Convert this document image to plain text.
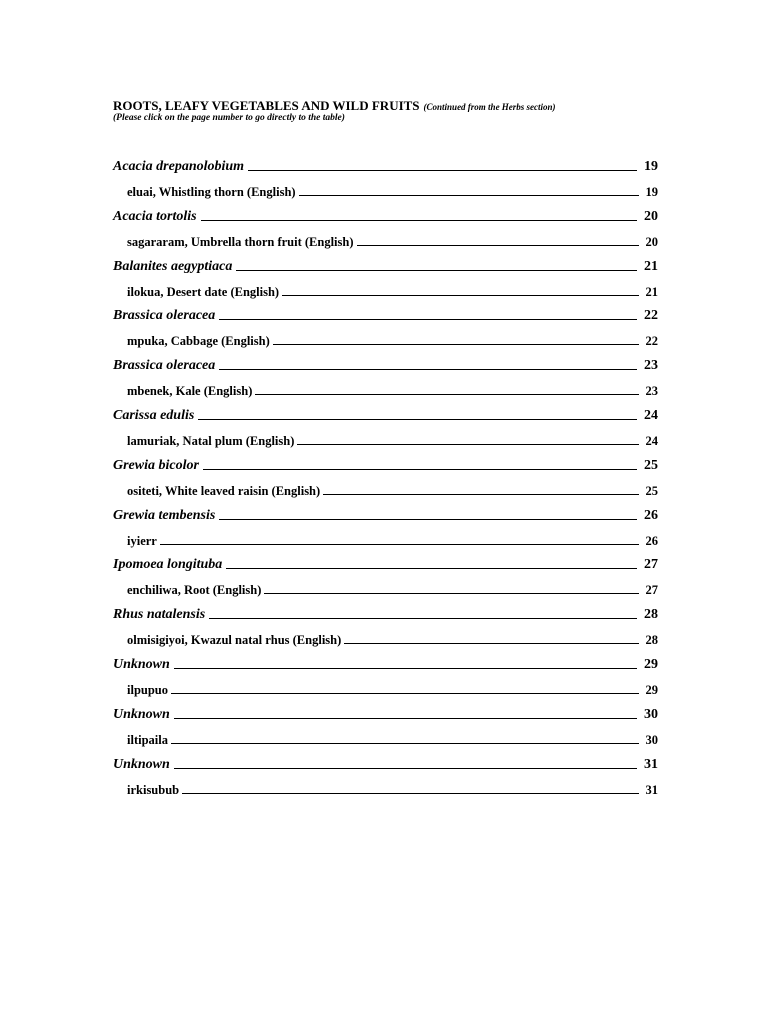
ROOTS, LEAFY VEGETABLES AND WILD FRUITS (Continued from the Herbs section)
(Please click on the page number to go directly to the table)
Acacia drepanolobium	19
eluai, Whistling thorn (English)	19
Acacia tortolis	20
sagararam, Umbrella thorn fruit (English)	20
Balanites aegyptiaca	21
ilokua, Desert date (English)	21
Brassica oleracea	22
mpuka, Cabbage (English)	22
Brassica oleracea	23
mbenek, Kale (English)	23
Carissa edulis	24
lamuriak, Natal plum (English)	24
Grewia bicolor	25
ositeti, White leaved raisin (English)	25
Grewia tembensis	26
iyierr	26
Ipomoea longituba	27
enchiliwa, Root (English)	27
Rhus natalensis	28
olmisigiyoi, Kwazul natal rhus (English)	28
Unknown	29
ilpupuo	29
Unknown	30
iltipaila	30
Unknown	31
irkisubub	31
